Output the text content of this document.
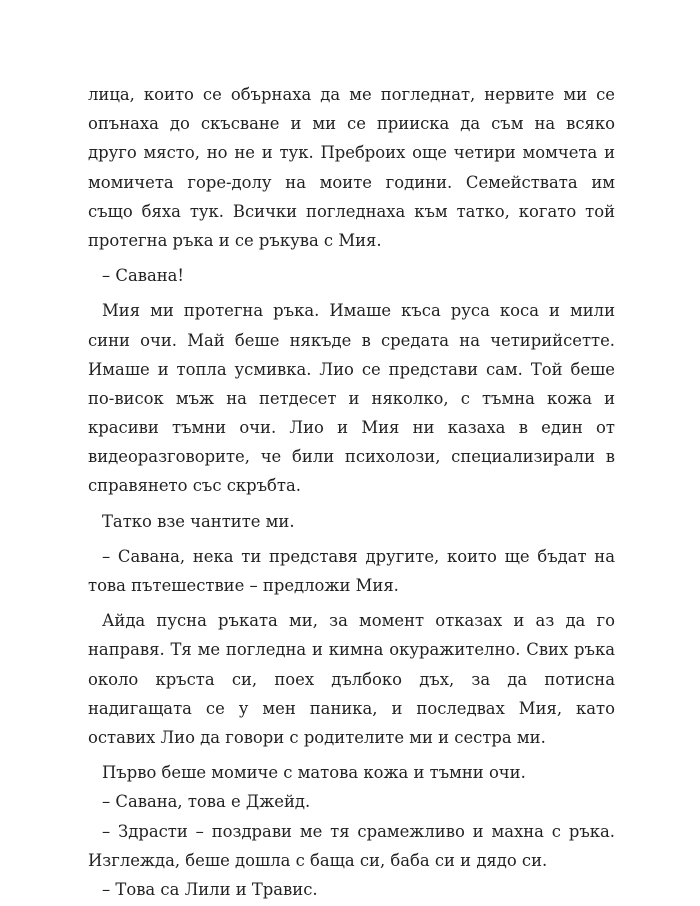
лица, които се обърнаха да ме погледнат, нервите ми се
опънаха до скъсване и ми се прииска да съм на всяко
друго място, но не и тук. Преброих още четири момчета и
момичета горе-долу на моите години. Семействата им
също бяха тук. Всички погледнаха към татко, когато той
протегна ръка и се ръкува с Мия.
– Савана!
Мия ми протегна ръка. Имаше къса руса коса и мили
сини очи. Май беше някъде в средата на четирийсетте.
Имаше и топла усмивка. Лио се представи сам. Той беше
по-висок мъж на петдесет и няколко, с тъмна кожа и
красиви тъмни очи. Лио и Мия ни казаха в един от
видеоразговорите, че били психолози, специализирали в
справянето със скръбта.
Татко взе чантите ми.
– Савана, нека ти представя другите, които ще бъдат на
това пътешествие – предложи Мия.
Айда пусна ръката ми, за момент отказах и аз да го
направя. Тя ме погледна и кимна окуражително. Свих ръка
около кръста си, поех дълбоко дъх, за да потисна
надигащата се у мен паника, и последвах Мия, като
оставих Лио да говори с родителите ми и сестра ми.
Първо беше момиче с матова кожа и тъмни очи.
– Савана, това е Джейд.
– Здрасти – поздрави ме тя срамежливо и махна с ръка.
Изглежда, беше дошла с баща си, баба си и дядо си.
– Това са Лили и Травис.
